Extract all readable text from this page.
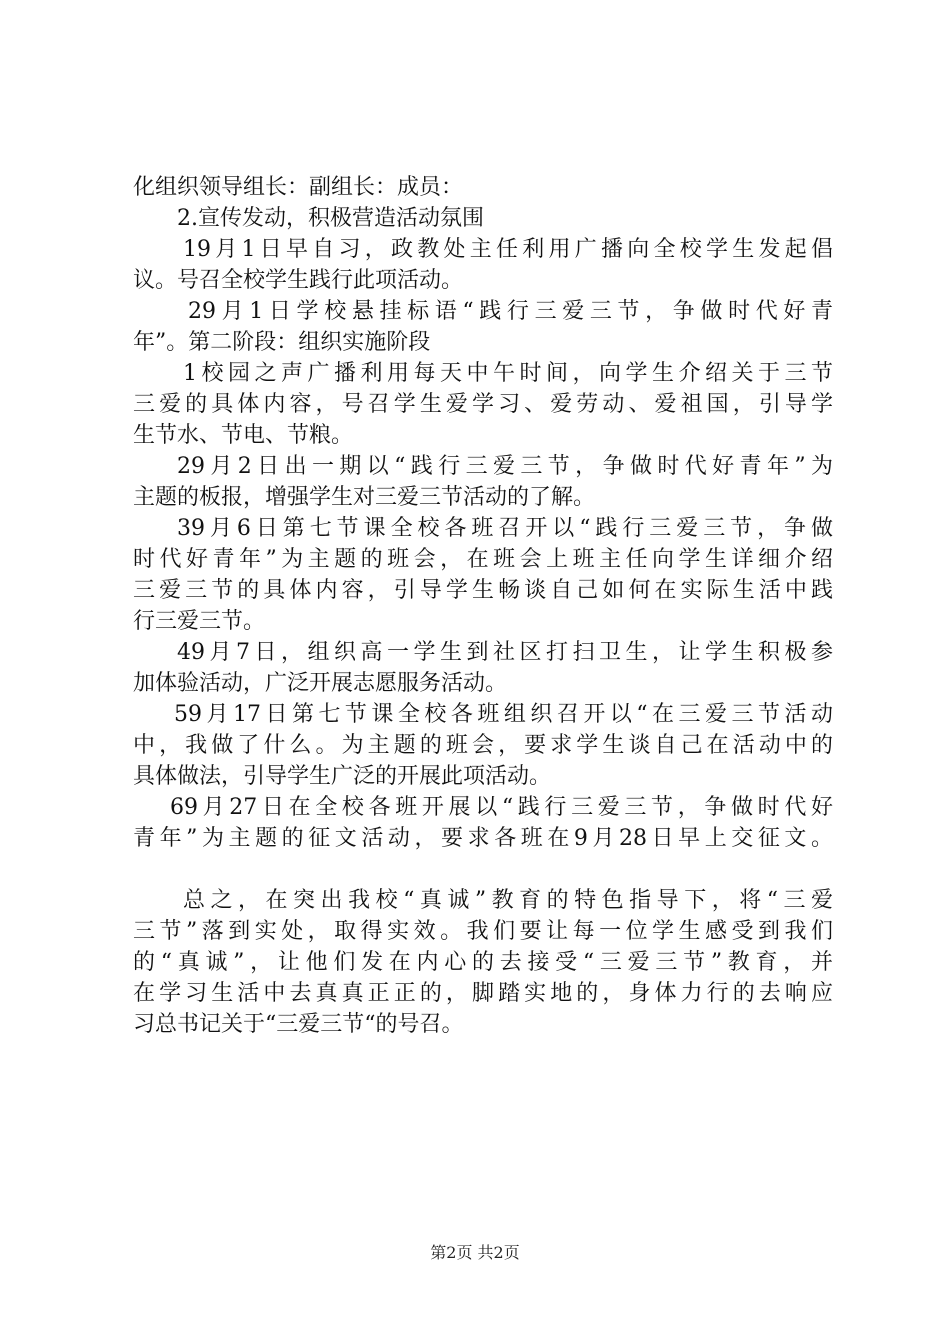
化组织领导组长：副组长：成员：
2.宣传发动，积极营造活动氛围
19月1日早自习，政教处主任利用广播向全校学生发起倡
议。号召全校学生践行此项活动。
29月1日学校悬挂标语“践行三爱三节，争做时代好青
年”。第二阶段：组织实施阶段
1校园之声广播利用每天中午时间，向学生介绍关于三节
三爱的具体内容，号召学生爱学习、爱劳动、爱祖国，引导学
生节水、节电、节粮。
29月2日出一期以“践行三爱三节，争做时代好青年”为
主题的板报，增强学生对三爱三节活动的了解。
39月6日第七节课全校各班召开以“践行三爱三节，争做
时代好青年”为主题的班会，在班会上班主任向学生详细介绍
三爱三节的具体内容，引导学生畅谈自己如何在实际生活中践
行三爱三节。
49月7日，组织高一学生到社区打扫卫生，让学生积极参
加体验活动，广泛开展志愿服务活动。
59月17日第七节课全校各班组织召开以“在三爱三节活动
中，我做了什么。为主题的班会，要求学生谈自己在活动中的
具体做法，引导学生广泛的开展此项活动。
69月27日在全校各班开展以“践行三爱三节，争做时代好
青年”为主题的征文活动，要求各班在9月28日早上交征文。
总之，在突出我校“真诚”教育的特色指导下，将“三爱
三节”落到实处，取得实效。我们要让每一位学生感受到我们
的“真诚”，让他们发在内心的去接受“三爱三节”教育，并
在学习生活中去真真正正的，脚踏实地的，身体力行的去响应
习总书记关于“三爱三节“的号召。
第2页 共2页
